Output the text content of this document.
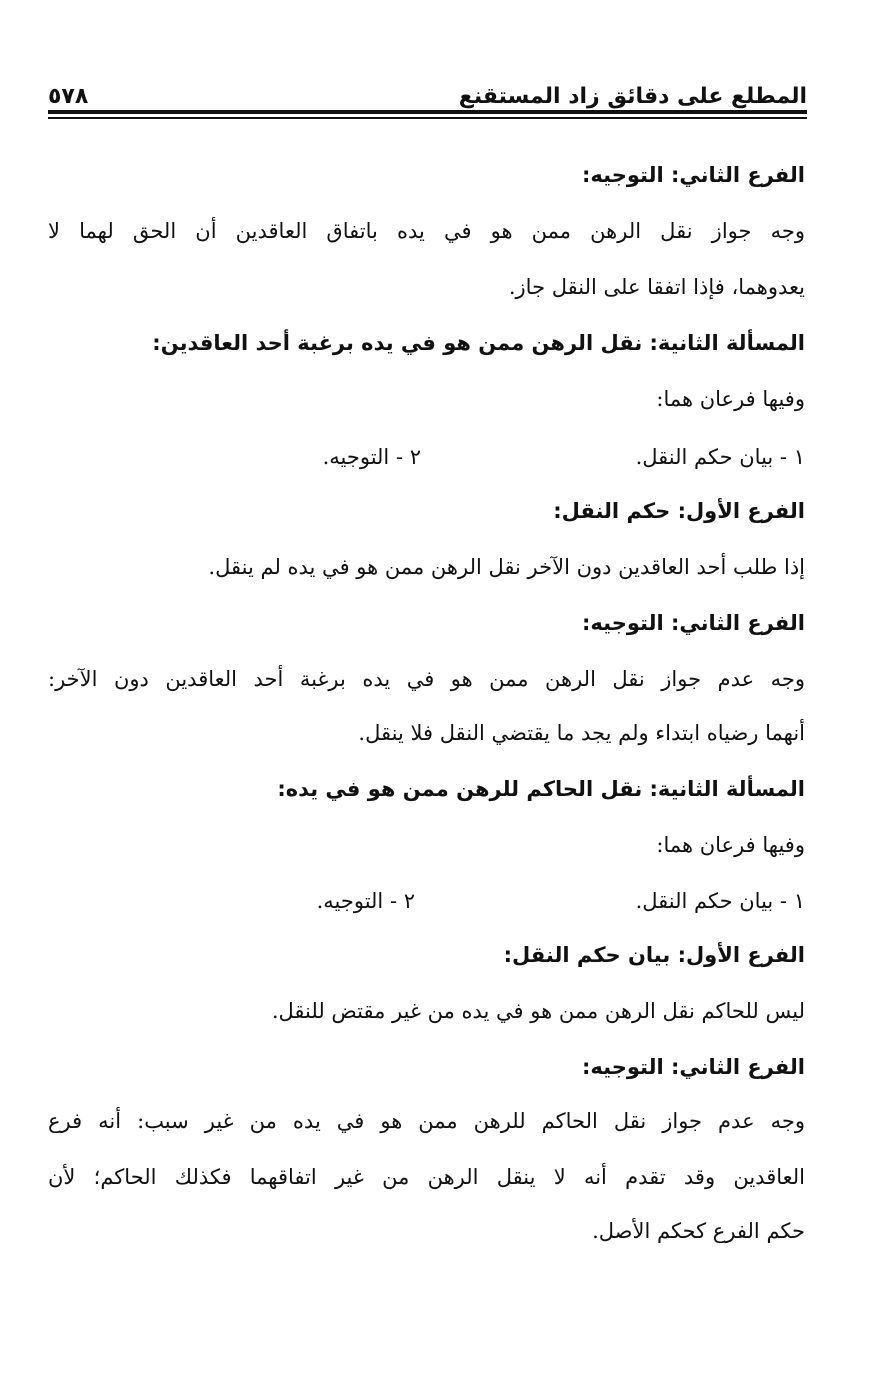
المطلع على دقائق زاد المستقنع
٥٧٨
الفرع الثاني: التوجيه:
وجه جواز نقل الرهن ممن هو في يده باتفاق العاقدين أن الحق لهما لا
يعدوهما، فإذا اتفقا على النقل جاز.
المسألة الثانية: نقل الرهن ممن هو في يده برغبة أحد العاقدين:
وفيها فرعان هما:
١ - بيان حكم النقل.
٢ - التوجيه.
الفرع الأول: حكم النقل:
إذا طلب أحد العاقدين دون الآخر نقل الرهن ممن هو في يده لم ينقل.
الفرع الثاني: التوجيه:
وجه عدم جواز نقل الرهن ممن هو في يده برغبة أحد العاقدين دون الآخر:
أنهما رضياه ابتداء ولم يجد ما يقتضي النقل فلا ينقل.
المسألة الثانية: نقل الحاكم للرهن ممن هو في يده:
وفيها فرعان هما:
١ - بيان حكم النقل.
٢ - التوجيه.
الفرع الأول: بيان حكم النقل:
ليس للحاكم نقل الرهن ممن هو في يده من غير مقتض للنقل.
الفرع الثاني: التوجيه:
وجه عدم جواز نقل الحاكم للرهن ممن هو في يده من غير سبب: أنه فرع
العاقدين وقد تقدم أنه لا ينقل الرهن من غير اتفاقهما فكذلك الحاكم؛ لأن
حكم الفرع كحكم الأصل.
